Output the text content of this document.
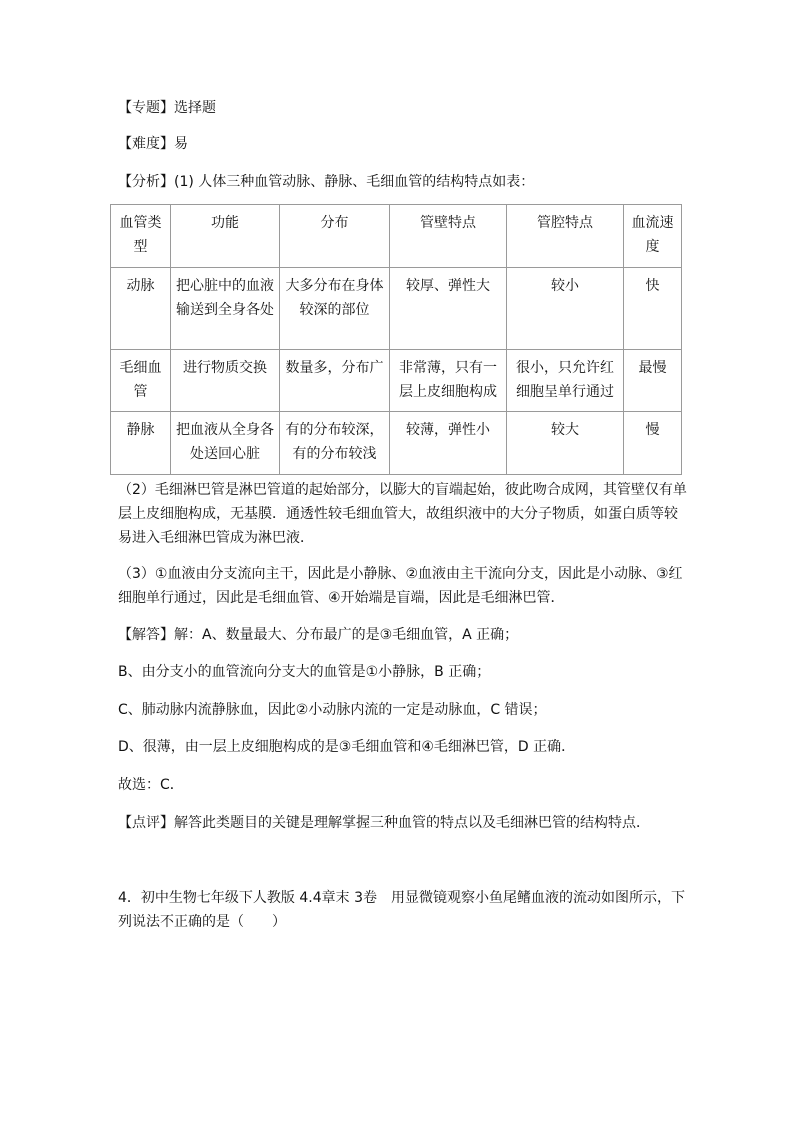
【专题】选择题
【难度】易
【分析】(1) 人体三种血管动脉、静脉、毛细血管的结构特点如表：
血管类型	功能	分布	管壁特点	管腔特点	血流速度
动脉	把心脏中的血液输送到全身各处	大多分布在身体较深的部位	较厚、弹性大	较小	快
毛细血管	进行物质交换	数量多，分布广	非常薄，只有一层上皮细胞构成	很小，只允许红细胞呈单行通过	最慢
静脉	把血液从全身各处送回心脏	有的分布较深，有的分布较浅	较薄，弹性小	较大	慢
（2）毛细淋巴管是淋巴管道的起始部分，以膨大的盲端起始，彼此吻合成网，其管壁仅有单层上皮细胞构成，无基膜．通透性较毛细血管大，故组织液中的大分子物质，如蛋白质等较易进入毛细淋巴管成为淋巴液．
（3）①血液由分支流向主干，因此是小静脉、②血液由主干流向分支，因此是小动脉、③红细胞单行通过，因此是毛细血管、④开始端是盲端，因此是毛细淋巴管．
【解答】解：A、数量最大、分布最广的是③毛细血管，A 正确；
B、由分支小的血管流向分支大的血管是①小静脉，B 正确；
C、肺动脉内流静脉血，因此②小动脉内流的一定是动脉血，C 错误；
D、很薄，由一层上皮细胞构成的是③毛细血管和④毛细淋巴管，D 正确．
故选：C．
【点评】解答此类题目的关键是理解掌握三种血管的特点以及毛细淋巴管的结构特点．
4．初中生物七年级下人教版 4.4章末 3卷　用显微镜观察小鱼尾鳍血液的流动如图所示，下列说法不正确的是（　　）
